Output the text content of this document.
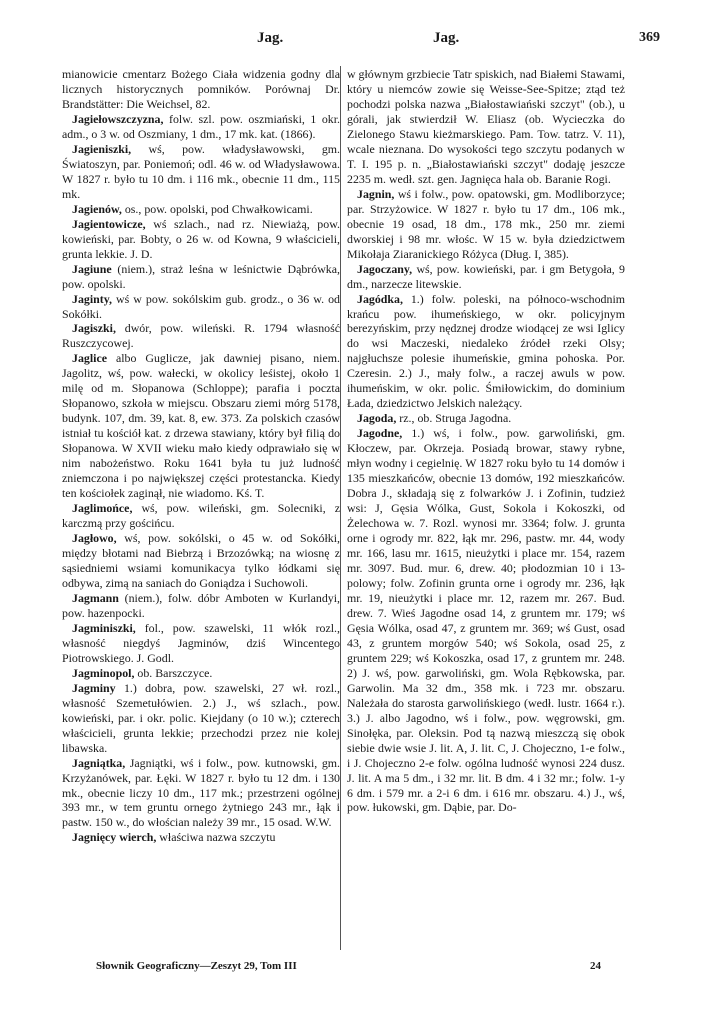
Jag.	Jag.	369

mianowicie cmentarz Bożego Ciała widzenia godny dla licznych historycznych pomników. Porównaj Dr. Brandstätter: Die Weichsel, 82.

Jagiełowszczyzna, folw. szl. pow. oszmiański, 1 okr. adm., o 3 w. od Oszmiany, 1 dm., 17 mk. kat. (1866).

Jagieniszki, wś, pow. władysławowski, gm. Światoszyn, par. Poniemoń; odl. 46 w. od Władysławowa. W 1827 r. było tu 10 dm. i 116 mk., obecnie 11 dm., 115 mk.

Jagienów, os., pow. opolski, pod Chwałkowicami.

Jagientowicze, wś szlach., nad rz. Niewiażą, pow. kowieński, par. Bobty, o 26 w. od Kowna, 9 właścicieli, grunta lekkie. J. D.

Jagiune (niem.), straż leśna w leśnictwie Dąbrówka, pow. opolski.

Jaginty, wś w pow. sokólskim gub. grodz., o 36 w. od Sokółki.

Jagiszki, dwór, pow. wileński. R. 1794 własność Ruszczycowej.

Jaglice albo Guglicze, jak dawniej pisano, niem. Jagolitz, wś, pow. wałecki, w okolicy leśistej, około 1 milę od m. Słopanowa (Schloppe); parafia i poczta Słopanowo, szkoła w miejscu. Obszaru ziemi mórg 5178, budynk. 107, dm. 39, kat. 8, ew. 373. Za polskich czasów istniał tu kościół kat. z drzewa stawiany, który był filią do Słopanowa. W XVII wieku mało kiedy odprawiało się w nim nabożeństwo. Roku 1641 była tu już ludność zniemczona i po największej części protestancka. Kiedy ten kościołek zaginął, nie wiadomo. Kś. T.

Jaglimońce, wś, pow. wileński, gm. Solecniki, z karczmą przy gościńcu.

Jagłowo, wś, pow. sokólski, o 45 w. od Sokółki, między błotami nad Biebrzą i Brzozówką; na wiosnę z sąsiedniemi wsiami komunikacya tylko łódkami się odbywa, zimą na saniach do Goniądza i Suchowoli.

Jagmann (niem.), folw. dóbr Amboten w Kurlandyi, pow. hazenpocki.

Jagminiszki, fol., pow. szawelski, 11 włók rozl., własność niegdyś Jagminów, dziś Wincentego Piotrowskiego. J. Godl.

Jagminopol, ob. Barszczyce.

Jagminy 1.) dobra, pow. szawelski, 27 wł. rozl., własność Szemetułówien. 2.) J., wś szlach., pow. kowieński, par. i okr. polic. Kiejdany (o 10 w.); czterech właścicieli, grunta lekkie; przechodzi przez nie kolej libawska.

Jagniątka, Jagniątki, wś i folw., pow. kutnowski, gm. Krzyżanówek, par. Łęki. W 1827 r. było tu 12 dm. i 130 mk., obecnie liczy 10 dm., 117 mk.; przestrzeni ogólnej 393 mr., w tem gruntu ornego żytniego 243 mr., łąk i pastw. 150 w., do włościan należy 39 mr., 15 osad. W.W.

Jagnięcy wierch, właściwa nazwa szczytu

w głównym grzbiecie Tatr spiskich, nad Białemi Stawami, który u niemców zowie się Weisse-See-Spitze; ztąd też pochodzi polska nazwa „Białostawiański szczyt" (ob.), u górali, jak stwierdził W. Eliasz (ob. Wycieczka do Zielonego Stawu kieżmarskiego. Pam. Tow. tatrz. V. 11), wcale nieznana. Do wysokości tego szczytu podanych w T. I. 195 p. n. „Białostawiański szczyt" dodaję jeszcze 2235 m. wedł. szt. gen. Jagnięca hala ob. Baranie Rogi.

Jagnin, wś i folw., pow. opatowski, gm. Modliborzyce; par. Strzyżowice. W 1827 r. było tu 17 dm., 106 mk., obecnie 19 osad, 18 dm., 178 mk., 250 mr. ziemi dworskiej i 98 mr. włośc. W 15 w. była dziedzictwem Mikołaja Ziaranickiego Różyca (Dług. I, 385).

Jagoczany, wś, pow. kowieński, par. i gm Betygoła, 9 dm., narzecze litewskie.

Jagódka, 1.) folw. poleski, na północo-wschodnim krańcu pow. ihumeńskiego, w okr. policyjnym berezyńskim, przy nędznej drodze wiodącej ze wsi Iglicy do wsi Maczeski, niedaleko źródeł rzeki Olsy; najgłuchsze polesie ihumeńskie, gmina pohoska. Por. Czeresin. 2.) J., mały folw., a raczej awuls w pow. ihumeńskim, w okr. polic. Śmiłowickim, do dominium Łada, dziedzictwo Jelskich należący.

Jagoda, rz., ob. Struga Jagodna.

Jagodne, 1.) wś, i folw., pow. garwoliński, gm. Kłoczew, par. Okrzeja. Posiadą browar, stawy rybne, młyn wodny i cegielnię. W 1827 roku było tu 14 domów i 135 mieszkańców, obecnie 13 domów, 192 mieszkańców. Dobra J., składają się z folwarków J. i Zofinin, tudzież wsi: J, Gęsia Wólka, Gust, Sokola i Kokoszki, od Żelechowa w. 7. Rozl. wynosi mr. 3364; folw. J. grunta orne i ogrody mr. 822, łąk mr. 296, pastw. mr. 44, wody mr. 166, lasu mr. 1615, nieużytki i place mr. 154, razem mr. 3097. Bud. mur. 6, drew. 40; płodozmian 10 i 13-polowy; folw. Zofinin grunta orne i ogrody mr. 236, łąk mr. 19, nieużytki i place mr. 12, razem mr. 267. Bud. drew. 7. Wieś Jagodne osad 14, z gruntem mr. 179; wś Gęsia Wólka, osad 47, z gruntem mr. 369; wś Gust, osad 43, z gruntem morgów 540; wś Sokola, osad 25, z gruntem 229; wś Kokoszka, osad 17, z gruntem mr. 248. 2) J. wś, pow. garwoliński, gm. Wola Rębkowska, par. Garwolin. Ma 32 dm., 358 mk. i 723 mr. obszaru. Należała do starosta garwolińskiego (wedł. lustr. 1664 r.). 3.) J. albo Jagodno, wś i folw., pow. węgrowski, gm. Sinołęka, par. Oleksin. Pod tą nazwą mieszczą się obok siebie dwie wsie J. lit. A, J. lit. C, J. Chojeczno, 1-e folw., i J. Chojeczno 2-e folw. ogólna ludność wynosi 224 dusz. J. lit. A ma 5 dm., i 32 mr. lit. B dm. 4 i 32 mr.; folw. 1-y 6 dm. i 579 mr. a 2-i 6 dm. i 616 mr. obszaru. 4.) J., wś, pow. łukowski, gm. Dąbie, par. Do-

Słownik Geograficzny—Zeszyt 29, Tom III	24
